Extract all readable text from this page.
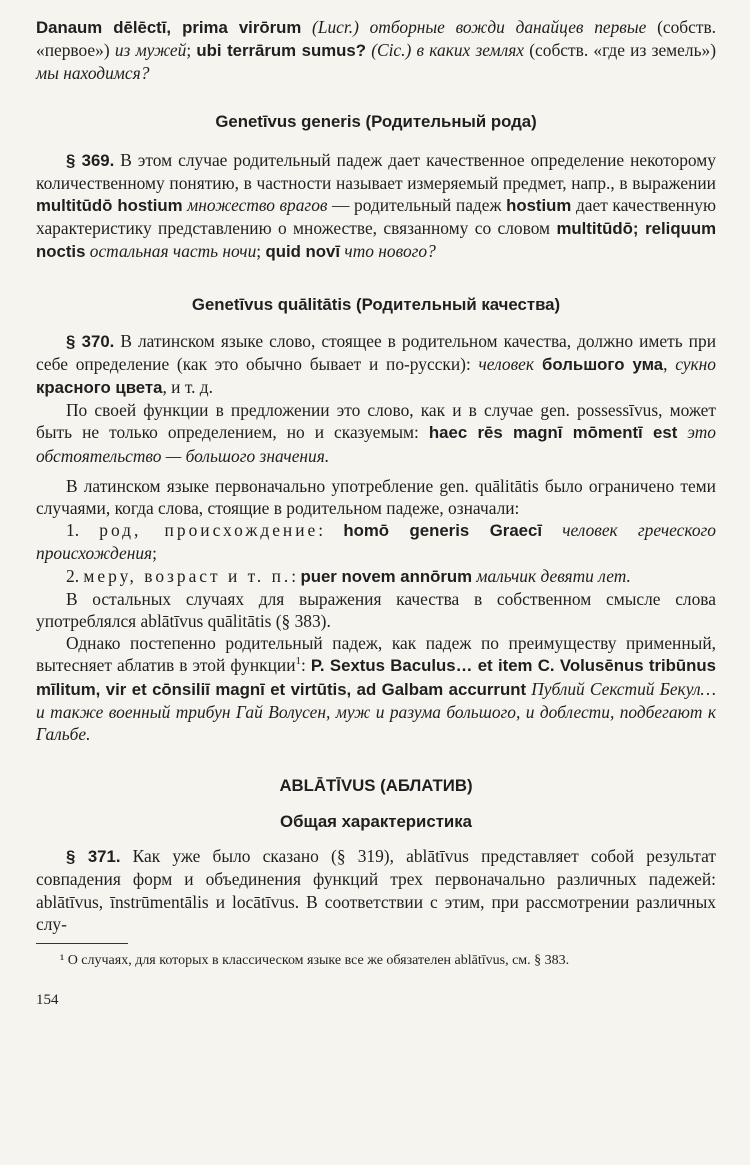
Danaum dēlēctī, prima virōrum (Lucr.) отборные вожди данайцев первые (собств. «первое») из мужей; ubi terrārum sumus? (Cic.) в каких землях (собств. «где из земель») мы находимся?

Genetīvus generis (Родительный рода)

§ 369. В этом случае родительный падеж дает качественное определение некоторому количественному понятию, в частности называет измеряемый предмет, напр., в выражении multitūdō hostium множество врагов — родительный падеж hostium дает качественную характеристику представлению о множестве, связанному со словом multitūdō; reliquum noctis остальная часть ночи; quid novī что нового?

Genetīvus quālitātis (Родительный качества)

§ 370. В латинском языке слово, стоящее в родительном качества, должно иметь при себе определение (как это обычно бывает и по-русски): человек большого ума, сукно красного цвета, и т. д.

По своей функции в предложении это слово, как и в случае gen. possessīvus, может быть не только определением, но и сказуемым: haec rēs magnī mōmentī est это обстоятельство — большого значения.

В латинском языке первоначально употребление gen. quālitātis было ограничено теми случаями, когда слова, стоящие в родительном падеже, означали:

1. род, происхождение: homō generis Graecī человек греческого происхождения;

2. меру, возраст и т. п.: puer novem annōrum мальчик девяти лет.

В остальных случаях для выражения качества в собственном смысле слова употреблялся ablātīvus quālitātis (§ 383).

Однако постепенно родительный падеж, как падеж по преимуществу применный, вытесняет аблатив в этой функции$^1$: P. Sextus Baculus… et item C. Volusēnus tribūnus mīlitum, vir et cōnsiliī magnī et virtūtis, ad Galbam accurrunt Публий Секстий Бекул… и также военный трибун Гай Волусен, муж и разума большого, и доблести, подбегают к Гальбе.

ABLĀTĪVUS (АБЛАТИВ)
Общая характеристика

§ 371. Как уже было сказано (§ 319), ablātīvus представляет собой результат совпадения форм и объединения функций трех первоначально различных падежей: ablātīvus, īnstrūmentālis и locātīvus. В соответствии с этим, при рассмотрении различных слу-

¹ О случаях, для которых в классическом языке все же обязателен ablātīvus, см. § 383.

154
